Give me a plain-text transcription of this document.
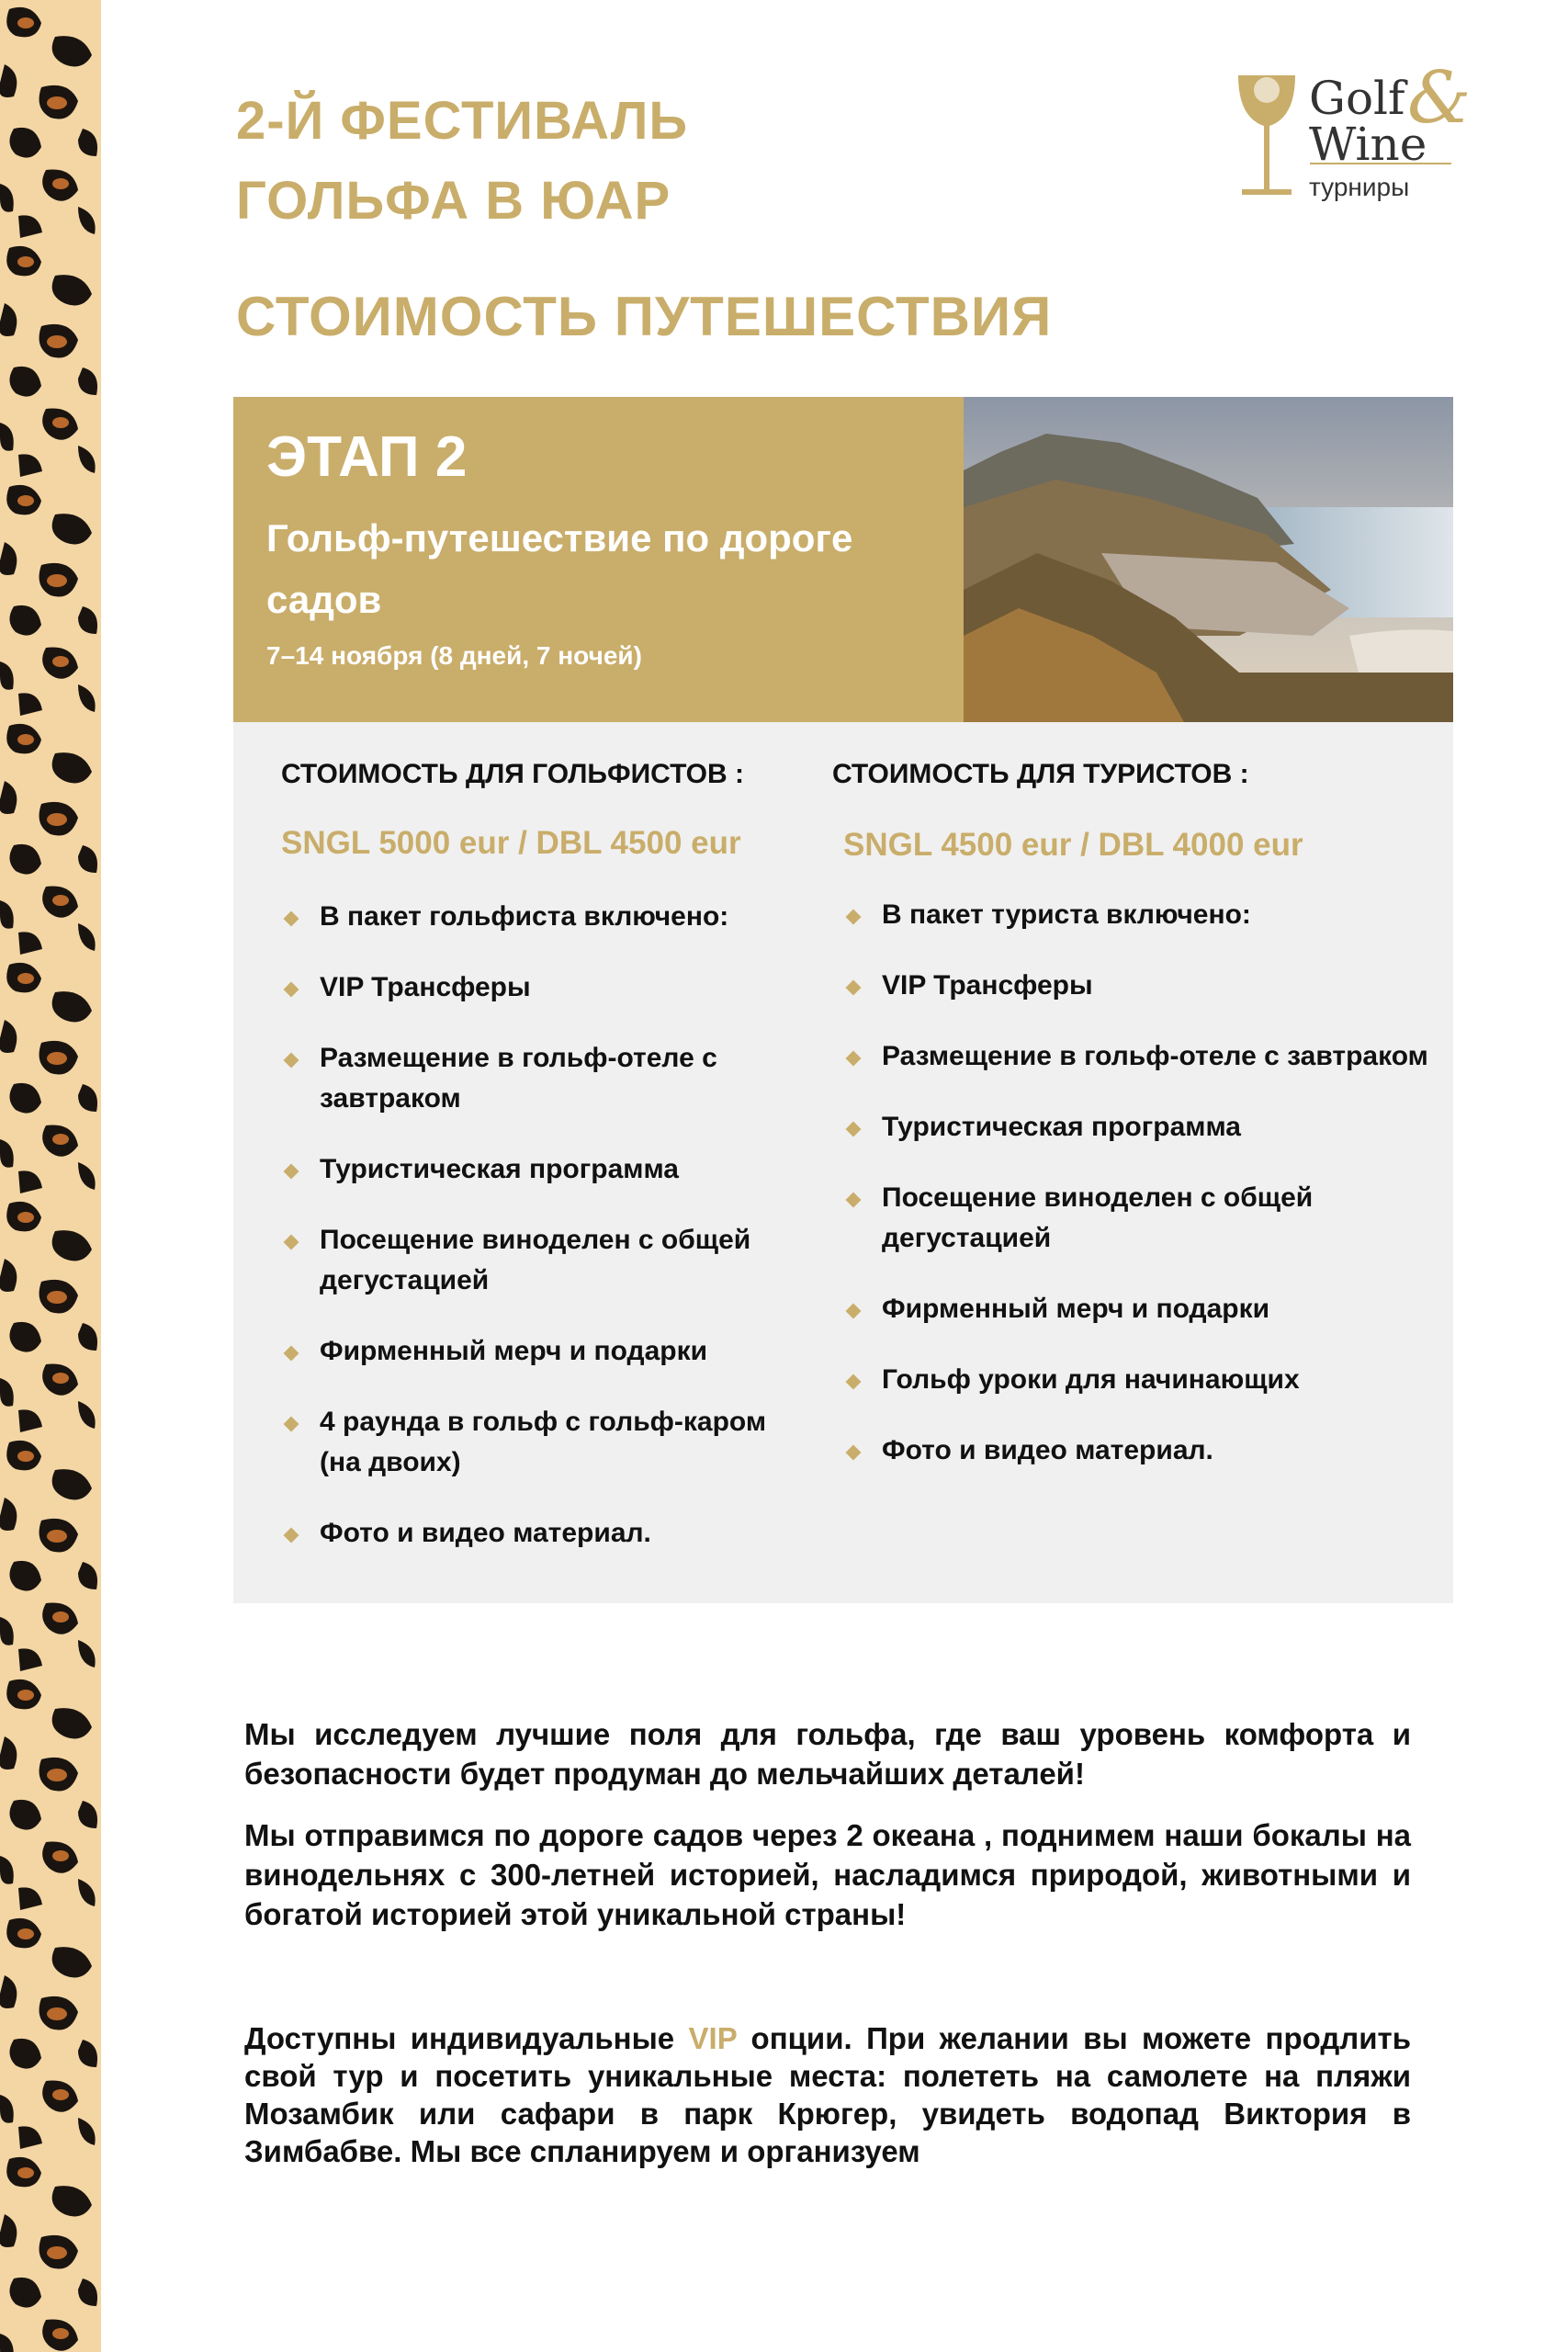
2-Й ФЕСТИВАЛЬ
ГОЛЬФА В ЮАР
СТОИМОСТЬ ПУТЕШЕСТВИЯ
Golf &
Wine
турниры

ЭТАП 2

Гольф-путешествие по дороге садов

7–14 ноября (8 дней, 7 ночей)

СТОИМОСТЬ ДЛЯ ГОЛЬФИСТОВ :
SNGL 5000 eur / DBL 4500 eur
В пакет гольфиста включено:
VIP Трансферы
Размещение в гольф-отеле с завтраком
Туристическая программа
Посещение виноделен с общей дегустацией
Фирменный мерч и подарки
4 раунда в гольф с гольф-каром (на двоих)
Фото и видео материал.
СТОИМОСТЬ ДЛЯ ТУРИСТОВ :
SNGL 4500 eur / DBL 4000 eur
В пакет туриста включено:
VIP Трансферы
Размещение в гольф-отеле с завтраком
Туристическая программа
Посещение виноделен с общей дегустацией
Фирменный мерч и подарки
Гольф уроки для начинающих
Фото и видео материал.

Мы исследуем лучшие поля для гольфа, где ваш уровень комфорта и безопасности будет продуман до мельчайших деталей!

Мы отправимся по дороге садов через 2 океана , поднимем наши бокалы на винодельнях с 300-летней историей, насладимся природой, животными и богатой историей этой уникальной страны!

Доступны индивидуальные VIP опции. При желании вы можете продлить свой тур и посетить уникальные места: полететь на самолете на пляжи Мозамбик или сафари в парк Крюгер, увидеть водопад Виктория в Зимбабве. Мы все спланируем и организуем
